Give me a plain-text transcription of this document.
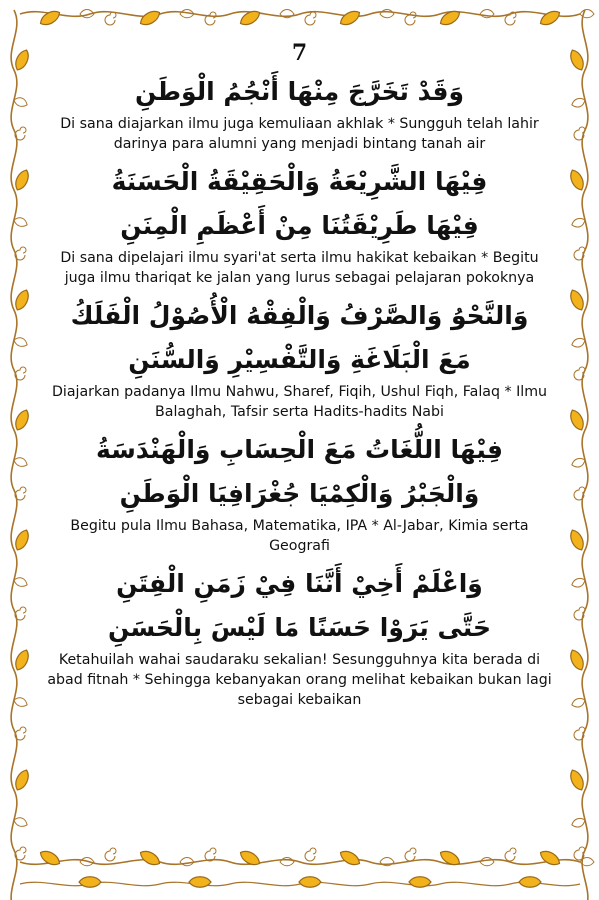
7

وَقَدْ تَخَرَّجَ مِنْهَا أَنْجُمُ الْوَطَنِ

Di sana diajarkan ilmu juga kemuliaan akhlak * Sungguh telah lahir darinya para alumni yang menjadi bintang tanah air

فِيْهَا الشَّرِيْعَةُ وَالْحَقِيْقَةُ الْحَسَنَةُ

فِيْهَا طَرِيْقَتُنَا مِنْ أَعْظَمِ الْمِنَنِ

Di sana dipelajari ilmu syari'at serta ilmu hakikat kebaikan * Begitu juga ilmu thariqat ke jalan yang lurus sebagai pelajaran pokoknya

وَالنَّحْوُ وَالصَّرْفُ وَالْفِقْهُ الْأُصُوْلُ الْفَلَكُ

مَعَ الْبَلَاغَةِ وَالتَّفْسِيْرِ وَالسُّنَنِ

Diajarkan padanya Ilmu Nahwu, Sharef, Fiqih, Ushul Fiqh, Falaq * Ilmu Balaghah, Tafsir serta Hadits-hadits Nabi

فِيْهَا اللُّغَاتُ مَعَ الْحِسَابِ وَالْهَنْدَسَةُ

وَالْجَبْرُ وَالْكِمْيَا جُغْرَافِيَا الْوَطَنِ

Begitu pula Ilmu Bahasa, Matematika, IPA * Al-Jabar, Kimia serta Geografi

وَاعْلَمْ أَخِيْ أَنَّنَا فِيْ زَمَنِ الْفِتَنِ

حَتَّى يَرَوْا حَسَنًا مَا لَيْسَ بِالْحَسَنِ

Ketahuilah wahai saudaraku sekalian! Sesungguhnya kita berada di abad fitnah * Sehingga kebanyakan orang melihat kebaikan bukan lagi sebagai kebaikan
